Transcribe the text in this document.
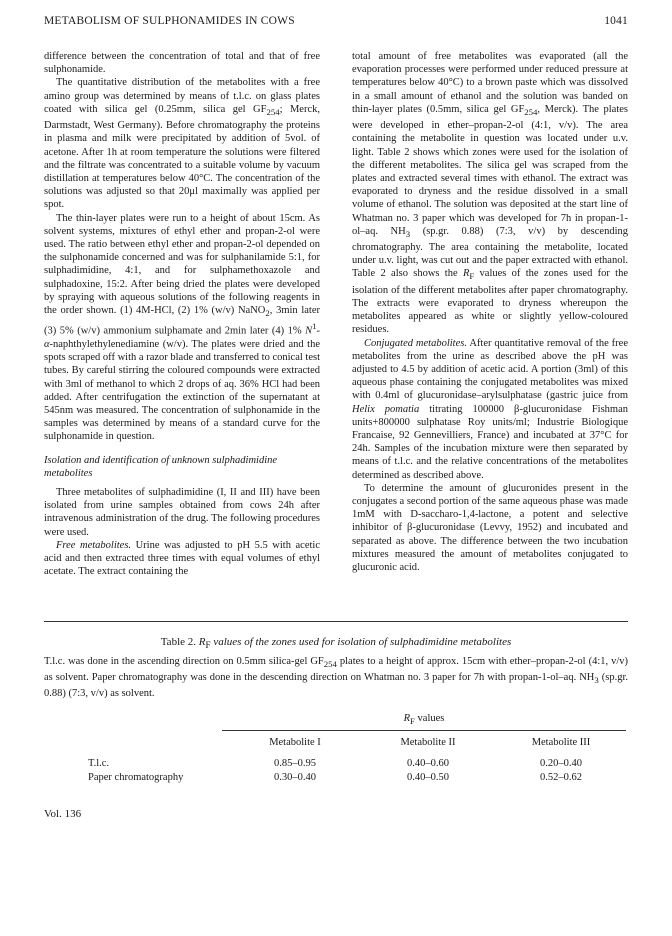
METABOLISM OF SULPHONAMIDES IN COWS	1041

difference between the concentration of total and that of free sulphonamide.

The quantitative distribution of the metabolites with a free amino group was determined by means of t.l.c. on glass plates coated with silica gel (0.25mm, silica gel $GF_{254}$; Merck, Darmstadt, West Germany). Before chromatography the proteins in plasma and milk were precipitated by addition of 5vol. of acetone. After 1h at room temperature the solutions were filtered and the filtrate was concentrated to a suitable volume by vacuum distillation at temperatures below 40°C. The concentration of the solutions was adjusted so that 20μl maximally was applied per spot.

The thin-layer plates were run to a height of about 15cm. As solvent systems, mixtures of ethyl ether and propan-2-ol were used. The ratio between ethyl ether and propan-2-ol depended on the sulphonamide concerned and was for sulphanilamide 5:1, for sulphadimidine, 4:1, and for sulphamethoxazole and sulphadoxine, 15:2. After being dried the plates were developed by spraying with aqueous solutions of the following reagents in the order shown. (1) 4M-HCl, (2) 1% (w/v) NaNO$_2$, 3min later (3) 5% (w/v) ammonium sulphamate and 2min later (4) 1% $N^1-\alpha$-naphthylethylenediamine (w/v). The plates were dried and the spots scraped off with a razor blade and transferred to conical test tubes. By careful stirring the coloured compounds were extracted with 3ml of methanol to which 2 drops of aq. 36% HCl had been added. After centrifugation the extinction of the supernatant at 545nm was measured. The concentration of sulphonamide in the samples was determined by means of a standard curve for the sulphonamide in question.

Isolation and identification of unknown sulphadimidine metabolites

Three metabolites of sulphadimidine (I, II and III) have been isolated from urine samples obtained from cows 24h after intravenous administration of the drug. The following procedures were used.

Free metabolites. Urine was adjusted to pH 5.5 with acetic acid and then extracted three times with equal volumes of ethyl acetate. The extract containing the

total amount of free metabolites was evaporated (all the evaporation processes were performed under reduced pressure at temperatures below 40°C) to a brown paste which was dissolved in a small amount of ethanol and the solution was banded on thin-layer plates (0.5mm, silica gel $GF_{254}$, Merck). The plates were developed in ether–propan-2-ol (4:1, v/v). The area containing the metabolite in question was located under u.v. light. Table 2 shows which zones were used for the isolation of the different metabolites. The silica gel was scraped from the plates and extracted several times with ethanol. The extract was evaporated to dryness and the residue dissolved in a small volume of ethanol. The solution was deposited at the start line of Whatman no. 3 paper which was developed for 7h in propan-1-ol–aq. $NH_3$ (sp.gr. 0.88) (7:3, v/v) by descending chromatography. The area containing the metabolite, located under u.v. light, was cut out and the paper extracted with ethanol. Table 2 also shows the $R_F$ values of the zones used for the isolation of the different metabolites after paper chromatography. The extracts were evaporated to dryness whereupon the metabolites appeared as white or slightly yellow-coloured residues.

Conjugated metabolites. After quantitative removal of the free metabolites from the urine as described above the pH was adjusted to 4.5 by addition of acetic acid. A portion (3ml) of this aqueous phase containing the conjugated metabolites was mixed with 0.4ml of glucuronidase–arylsulphatase (gastric juice from Helix pomatia titrating 100000 β-glucuronidase Fishman units+800000 sulphatase Roy units/ml; Industrie Biologique Francaise, 92 Gennevilliers, France) and incubated at 37°C for 24h. Samples of the incubation mixture were then separated by means of t.l.c. and the relative concentrations of the metabolites determined as described above.

To determine the amount of glucuronides present in the conjugates a second portion of the same aqueous phase was made 1mM with D-saccharo-1,4-lactone, a potent and selective inhibitor of β-glucuronidase (Levvy, 1952) and incubated and separated as above. The difference between the two incubation mixtures measured the amount of metabolites conjugated to glucuronic acid.

Table 2. $R_F$ values of the zones used for isolation of sulphadimidine metabolites
T.l.c. was done in the ascending direction on 0.5mm silica-gel $GF_{254}$ plates to a height of approx. 15cm with ether–propan-2-ol (4:1, v/v) as solvent. Paper chromatography was done in the descending direction on Whatman no. 3 paper for 7h with propan-1-ol–aq. $NH_3$ (sp.gr. 0.88) (7:3, v/v) as solvent.
$R_F$ values
Metabolite I	Metabolite II	Metabolite III
T.l.c.	0.85–0.95	0.40–0.60	0.20–0.40
Paper chromatography	0.30–0.40	0.40–0.50	0.52–0.62
Vol. 136
